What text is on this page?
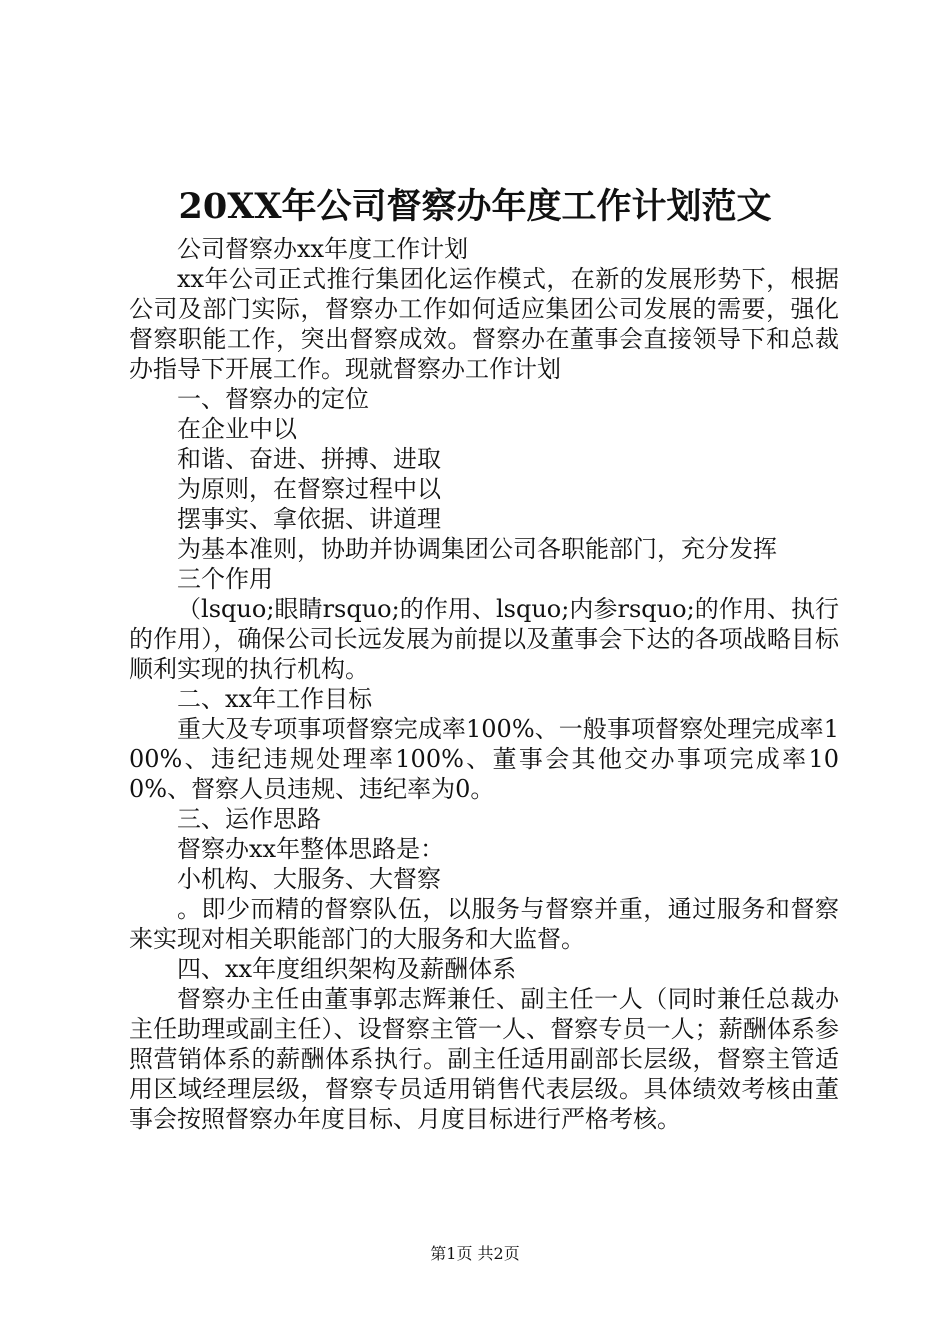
20XX年公司督察办年度工作计划范文

公司督察办xx年度工作计划

xx年公司正式推行集团化运作模式，在新的发展形势下，根据公司及部门实际，督察办工作如何适应集团公司发展的需要，强化督察职能工作，突出督察成效。督察办在董事会直接领导下和总裁办指导下开展工作。现就督察办工作计划

一、督察办的定位

在企业中以

和谐、奋进、拼搏、进取

为原则，在督察过程中以

摆事实、拿依据、讲道理

为基本准则，协助并协调集团公司各职能部门，充分发挥

三个作用

（lsquo;眼睛rsquo;的作用、lsquo;内参rsquo;的作用、执行的作用），确保公司长远发展为前提以及董事会下达的各项战略目标顺利实现的执行机构。

二、xx年工作目标

重大及专项事项督察完成率100%、一般事项督察处理完成率100%、违纪违规处理率100%、董事会其他交办事项完成率100%、督察人员违规、违纪率为0。

三、运作思路

督察办xx年整体思路是：

小机构、大服务、大督察

。即少而精的督察队伍，以服务与督察并重，通过服务和督察来实现对相关职能部门的大服务和大监督。

四、xx年度组织架构及薪酬体系

督察办主任由董事郭志辉兼任、副主任一人（同时兼任总裁办主任助理或副主任）、设督察主管一人、督察专员一人；薪酬体系参照营销体系的薪酬体系执行。副主任适用副部长层级，督察主管适用区域经理层级，督察专员适用销售代表层级。具体绩效考核由董事会按照督察办年度目标、月度目标进行严格考核。

第1页 共2页
